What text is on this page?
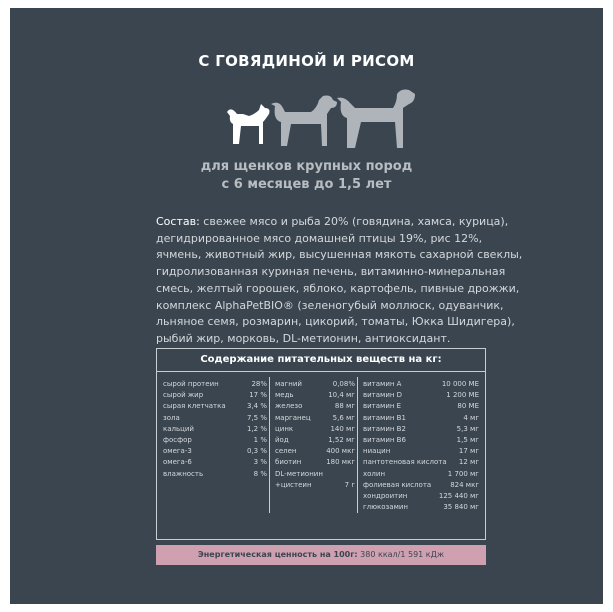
С ГОВЯДИНОЙ И РИСОМ
для щенков крупных пород
с 6 месяцев до 1,5 лет
Состав: свежее мясо и рыба 20% (говядина, хамса, курица),
дегидрированное мясо домашней птицы 19%, рис 12%,
ячмень, животный жир, высушенная мякоть сахарной свеклы,
гидролизованная куриная печень, витаминно-минеральная
смесь, желтый горошек, яблоко, картофель, пивные дрожжи,
комплекс AlphaPetBIO® (зеленогубый моллюск, одуванчик,
льняное семя, розмарин, цикорий, томаты, Юкка Шидигера),
рыбий жир, морковь, DL-метионин, антиоксидант.
Содержание питательных веществ на кг:
сырой протеин	28%
сырой жир	17 %
сырая клетчатка	3,4 %
зола	7,5 %
кальций	1,2 %
фосфор	1 %
омега-3	0,3 %
омега-6	3 %
влажность	8 %
магний	0,08%
медь	10,4 мг
железо	88 мг
марганец	5,6 мг
цинк	140 мг
йод	1,52 мг
селен	400 мкг
биотин	180 мкг
DL-метионин
+цистеин	7 г
витамин А	10 000 МЕ
витамин D	1 200 МЕ
витамин E	80 МЕ
витамин В1	4 мг
витамин В2	5,3 мг
витамин В6	1,5 мг
ниацин	17 мг
пантотеновая кислота 12 мг
холин	1 700 мг
фолиевая кислота	824 мкг
хондроитин	125 440 мг
глюкозамин	35 840 мг
Энергетическая ценность на 100г: 380 ккал/1 591 кДж
